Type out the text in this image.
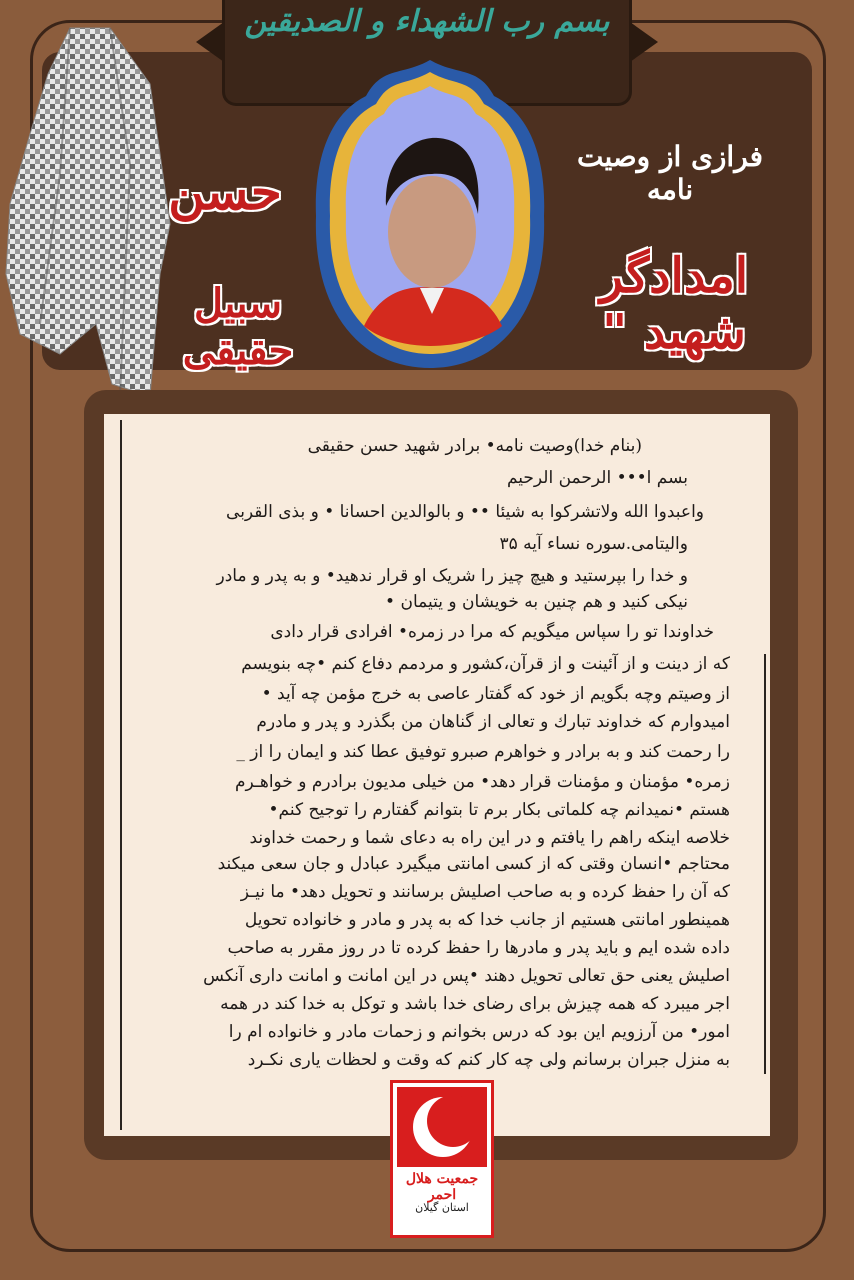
بسم رب الشهداء و الصدیقین
حسن
سبیل حقیقی
فرازی از وصیت نامه
امدادگر شهید "
(بنام خدا)وصیت نامه• برادر شهید حسن حقیقی
بسم ا••• الرحمن الرحیم
واعبدوا الله ولاتشرکوا به شیئا •• و بالوالدین احسانا • و بذی القربی
والیتامی.سوره نساء آیه ۳۵
و خدا را بپرستید و هیچ چیز را شریک او قرار ندهید• و به پدر و مادر
نیکی کنید و هم چنین به خویشان و یتیمان •
خداوندا تو را سپاس میگویم که مرا در زمره• افرادی قرار دادی
که از دینت و از آئینت و از قرآن،کشور و مردمم دفاع کنم •چه بنویسم
از وصیتم وچه بگویم از خود که گفتار عاصی به خرج مؤمن چه آید •
امیدوارم که خداوند تبارك و تعالی از گناهان من بگذرد و پدر و مادرم
را رحمت کند و به برادر و خواهرم صبرو توفیق عطا کند و ایمان را از _
زمره• مؤمنان و مؤمنات قرار دهد• من خیلی مدیون برادرم و خواهـرم
هستم •نمیدانم چه کلماتی بکار برم تا بتوانم گفتارم را توجیح کنم•
خلاصه اینکه راهم را یافتم و در این راه به دعای شما و رحمت خداوند
محتاجم •انسان وقتی که از کسی امانتی میگیرد عبادل و جان سعی میکند
که آن را حفظ کرده و به صاحب اصلیش برسانند و تحویل دهد• ما نیـز
همینطور امانتی هستیم از جانب خدا که به پدر و مادر و خانواده تحویل
داده شده ایم و باید پدر و مادرها را حفظ کرده تا در روز مقرر به صاحب
اصلیش یعنی حق تعالی تحویل دهند •پس در این امانت و امانت داری آنکس
اجر میبرد که همه چیزش برای رضای خدا باشد و توکل به خدا کند در همه
امور• من آرزویم این بود که درس بخوانم و زحمات مادر و خانواده ام را
به منزل جبران برسانم ولی چه کار کنم که وقت و لحظات یاری نکـرد
جمعیت هلال احمر
استان گیلان
